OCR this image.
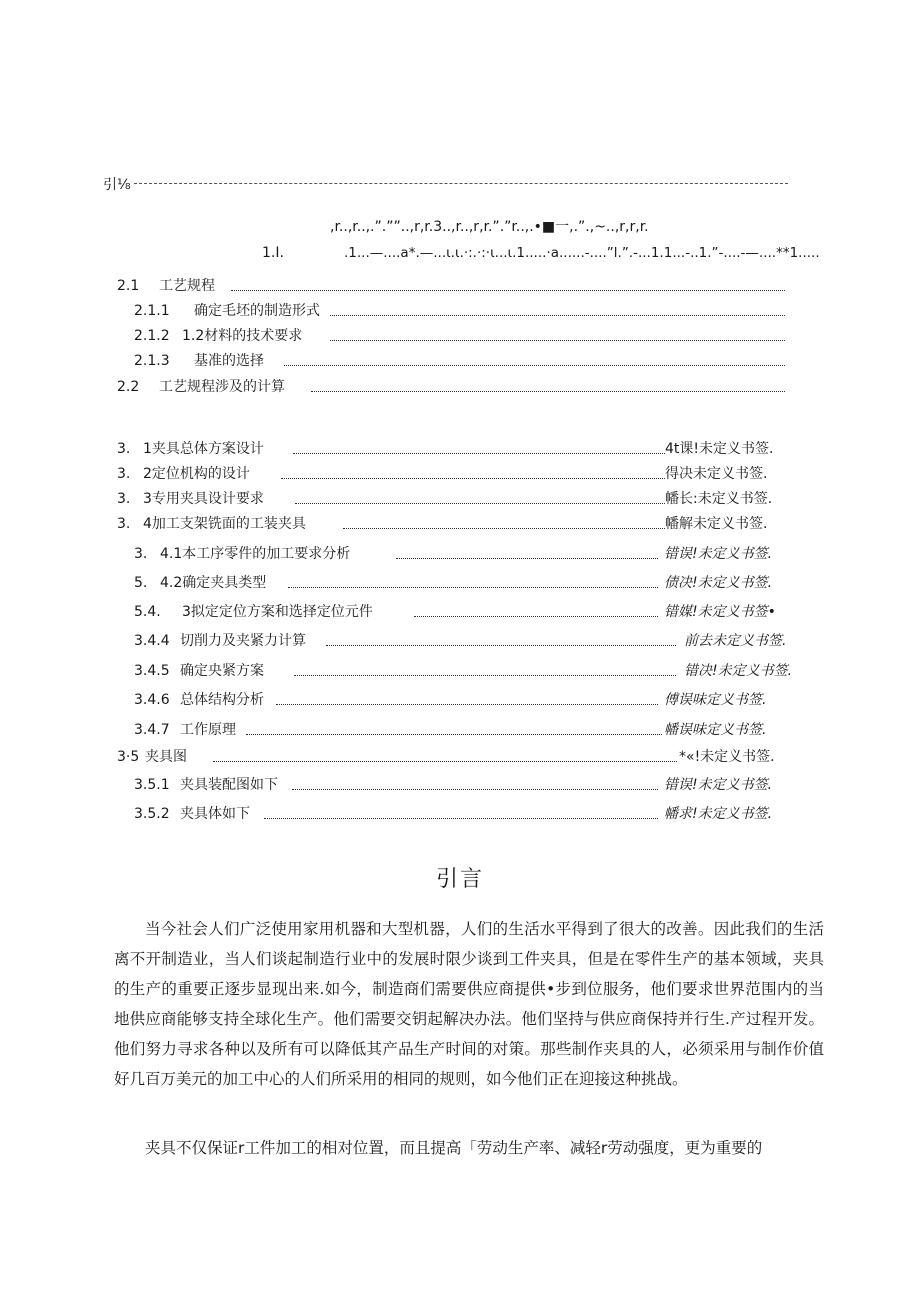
引⅛
,r..,r..,.”.””..,r,r.3..,r..,r,r.”.”r..,.•■一,.”.,~..,r,r,r.
1.I.	.1...—....a*.—...ι.ι.·:.·:·ι...ι.1.....·a......-....”l.”.-...1.1...-..1.”-....-—....**1.....
2.1 工艺规程
2.1.1 确定毛坯的制造形式
2.1.2 1.2材料的技术要求
2.1.3 基准的选择
2.2 工艺规程涉及的计算
3. 1夹具总体方案设计	4t课!未定义书签.
3. 2定位机构的设计	得决未定义书签.
3. 3专用夹具设计要求	幡长:未定义书签.
3. 4加工支架铣面的工装夹具	幡解未定义书签.
3. 4.1本工序零件的加工要求分析	错误!未定义书签.
5. 4.2确定夹具类型	债决!未定义书签.
5.4. 3拟定定位方案和选择定位元件	错媒!未定义书签•
3.4.4 切削力及夹紧力计算	前去未定义书签.
3.4.5 确定央紧方案	错决!未定义书签.
3.4.6 总体结构分析	傅误味定义书签.
3.4.7 工作原理	幡误味定义书签.
3·5 夹具图	*«!未定义书签.
3.5.1 夹具装配图如下	错误!未定义书签.
3.5.2 夹具体如下	幡求!未定义书签.
引言

当今社会人们广泛使用家用机器和大型机器，人们的生活水平得到了很大的改善。因此我们的生活离不开制造业，当人们谈起制造行业中的发展时限少谈到工件夹具，但是在零件生产的基本领域，夹具的生产的重要正逐步显现出来.如今，制造商们需要供应商提供•步到位服务，他们要求世界范围内的当地供应商能够支持全球化生产。他们需要交钥起解决办法。他们坚持与供应商保持并行生.产过程开发。他们努力寻求各种以及所有可以降低其产品生产时间的对策。那些制作夹具的人，必须采用与制作价值好几百万美元的加工中心的人们所采用的相同的规则，如今他们正在迎接这种挑战。

夹具不仅保证r工件加工的相对位置，而且提高「劳动生产率、减轻r劳动强度，更为重要的
